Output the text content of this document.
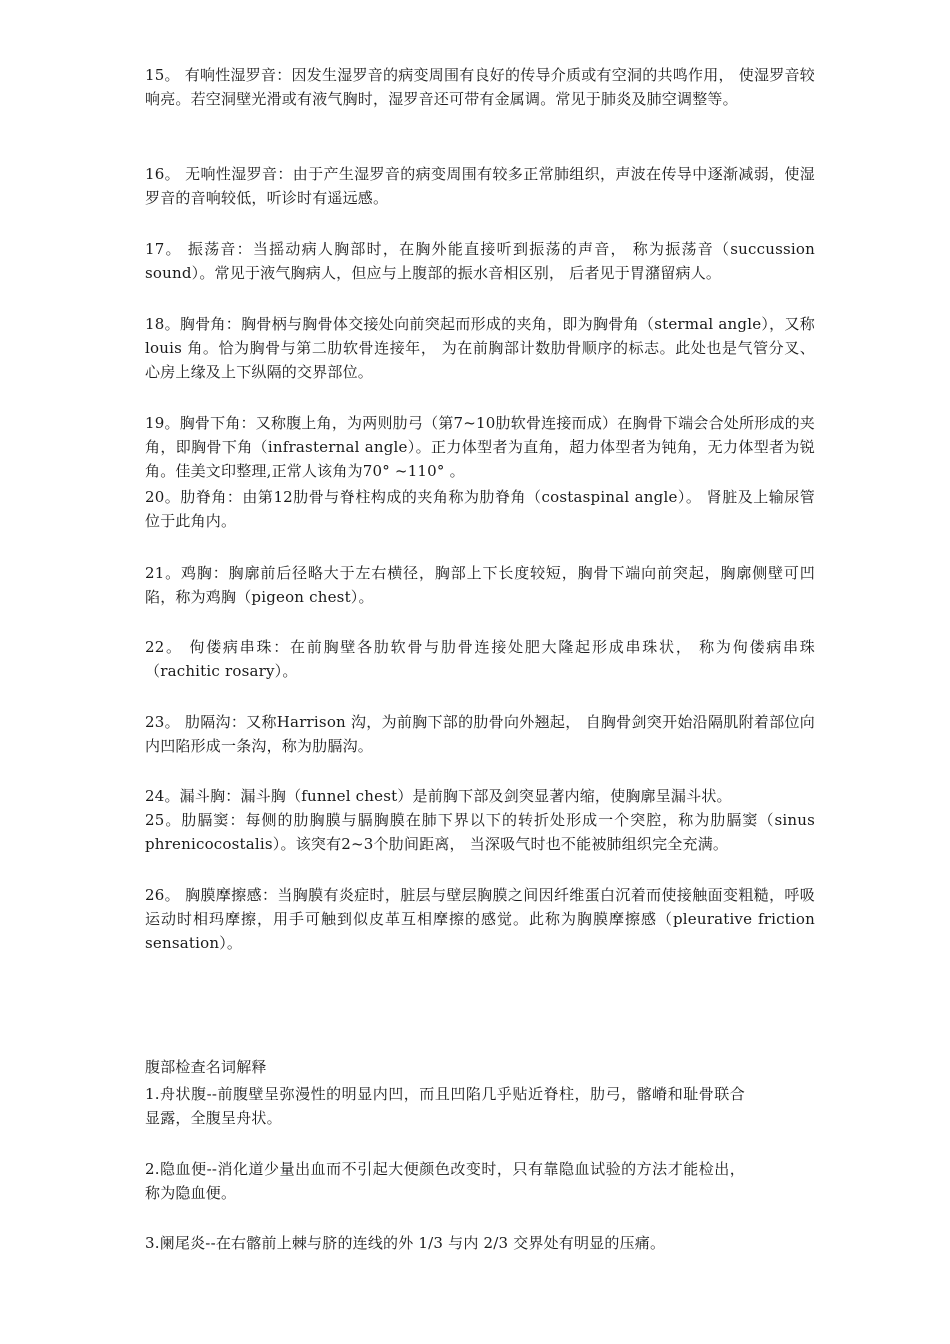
15。 有响性湿罗音：因发生湿罗音的病变周围有良好的传导介质或有空洞的共鸣作用， 使湿罗音较响亮。若空洞壁光滑或有液气胸时，湿罗音还可带有金属调。常见于肺炎及肺空调整等。

16。 无响性湿罗音：由于产生湿罗音的病变周围有较多正常肺组织，声波在传导中逐渐减弱，使湿罗音的音响较低，听诊时有遥远感。

17。 振荡音：当摇动病人胸部时，在胸外能直接听到振荡的声音， 称为振荡音（succussion sound）。常见于液气胸病人，但应与上腹部的振水音相区别， 后者见于胃潴留病人。

18。胸骨角：胸骨柄与胸骨体交接处向前突起而形成的夹角，即为胸骨角（stermal angle），又称 louis 角。恰为胸骨与第二肋软骨连接年， 为在前胸部计数肋骨顺序的标志。此处也是气管分叉、心房上缘及上下纵隔的交界部位。

19。胸骨下角：又称腹上角，为两则肋弓（第7~10肋软骨连接而成）在胸骨下端会合处所形成的夹角，即胸骨下角（infrasternal angle）。正力体型者为直角，超力体型者为钝角，无力体型者为锐角。佳美文印整理,正常人该角为70° ~110° 。

20。肋脊角：由第12肋骨与脊柱构成的夹角称为肋脊角（costaspinal angle）。 肾脏及上输尿管位于此角内。

21。鸡胸：胸廓前后径略大于左右横径，胸部上下长度较短，胸骨下端向前突起，胸廓侧壁可凹陷，称为鸡胸（pigeon chest）。

22。 佝偻病串珠：在前胸壁各肋软骨与肋骨连接处肥大隆起形成串珠状， 称为佝偻病串珠（rachitic rosary）。

23。 肋隔沟：又称Harrison 沟，为前胸下部的肋骨向外翘起， 自胸骨剑突开始沿隔肌附着部位向内凹陷形成一条沟，称为肋膈沟。

24。漏斗胸：漏斗胸（funnel chest）是前胸下部及剑突显著内缩，使胸廓呈漏斗状。

25。肋膈窦：每侧的肋胸膜与膈胸膜在肺下界以下的转折处形成一个突腔，称为肋膈窦（sinus phrenicocostalis）。该突有2~3个肋间距离， 当深吸气时也不能被肺组织完全充满。

26。 胸膜摩擦感：当胸膜有炎症时，脏层与壁层胸膜之间因纤维蛋白沉着而使接触面变粗糙，呼吸运动时相玛摩擦，用手可触到似皮革互相摩擦的感觉。此称为胸膜摩擦感（pleurative friction sensation）。

腹部检查名词解释

1.舟状腹--前腹壁呈弥漫性的明显内凹，而且凹陷几乎贴近脊柱，肋弓，髂嵴和耻骨联合显露，全腹呈舟状。

2.隐血便--消化道少量出血而不引起大便颜色改变时，只有靠隐血试验的方法才能检出， 称为隐血便。

3.阑尾炎--在右髂前上棘与脐的连线的外 1/3 与内 2/3 交界处有明显的压痛。
